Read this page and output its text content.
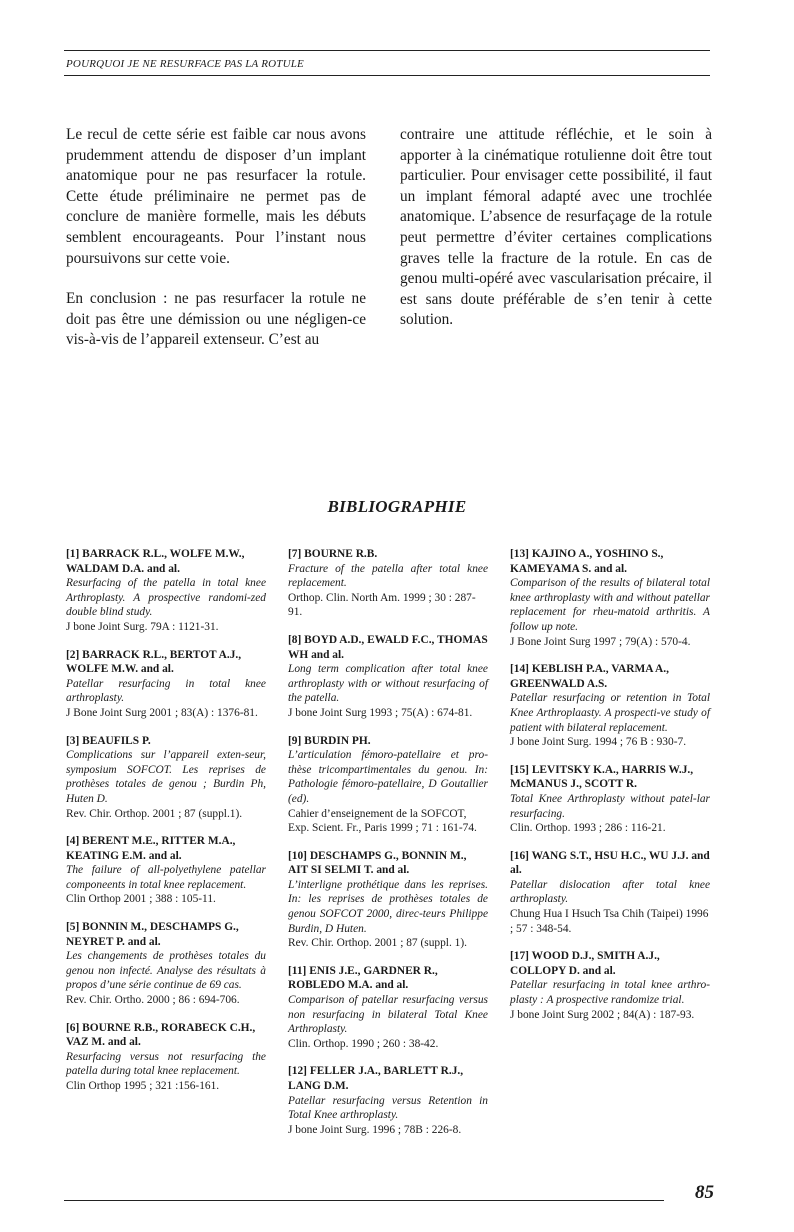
POURQUOI JE NE RESURFACE PAS LA ROTULE

Le recul de cette série est faible car nous avons prudemment attendu de disposer d’un implant anatomique pour ne pas resurfacer la rotule. Cette étude préliminaire ne permet pas de conclure de manière formelle, mais les débuts semblent encourageants. Pour l’instant nous poursuivons sur cette voie.

En conclusion : ne pas resurfacer la rotule ne doit pas être une démission ou une négligen-ce vis-à-vis de l’appareil extenseur. C’est au

contraire une attitude réfléchie, et le soin à apporter à la cinématique rotulienne doit être tout particulier. Pour envisager cette possibilité, il faut un implant fémoral adapté avec une trochlée anatomique. L’absence de resurfaçage de la rotule peut permettre d’éviter certaines complications graves telle la fracture de la rotule. En cas de genou multi-opéré avec vascularisation précaire, il est sans doute préférable de s’en tenir à cette solution.

BIBLIOGRAPHIE
[1] BARRACK R.L., WOLFE M.W., WALDAM D.A. and al.
Resurfacing of the patella in total knee Arthroplasty. A prospective randomi-zed double blind study.
J bone Joint Surg. 79A : 1121-31.
[2] BARRACK R.L., BERTOT A.J., WOLFE M.W. and al.
Patellar resurfacing in total knee arthroplasty.
J Bone Joint Surg 2001 ; 83(A) : 1376-81.
[3] BEAUFILS P.
Complications sur l’appareil exten-seur, symposium SOFCOT. Les reprises de prothèses totales de genou ; Burdin Ph, Huten D.
Rev. Chir. Orthop. 2001 ; 87 (suppl.1).
[4] BERENT M.E., RITTER M.A., KEATING E.M. and al.
The failure of all-polyethylene patellar componeents in total knee replacement.
Clin Orthop 2001 ; 388 : 105-11.
[5] BONNIN M., DESCHAMPS G., NEYRET P. and al.
Les changements de prothèses totales du genou non infecté. Analyse des résultats à propos d’une série continue de 69 cas.
Rev. Chir. Ortho. 2000 ; 86 : 694-706.
[6] BOURNE R.B., RORABECK C.H., VAZ M. and al.
Resurfacing versus not resurfacing the patella during total knee replacement.
Clin Orthop 1995 ; 321 :156-161.
[7] BOURNE R.B.
Fracture of the patella after total knee replacement.
Orthop. Clin. North Am. 1999 ; 30 : 287-91.
[8] BOYD A.D., EWALD F.C., THOMAS WH and al.
Long term complication after total knee arthroplasty with or without resurfacing of the patella.
J bone Joint Surg 1993 ; 75(A) : 674-81.
[9] BURDIN PH.
L’articulation fémoro-patellaire et pro-thèse tricompartimentales du genou. In: Pathologie fémoro-patellaire, D Goutallier (ed).
Cahier d’enseignement de la SOFCOT, Exp. Scient. Fr., Paris 1999 ; 71 : 161-74.
[10] DESCHAMPS G., BONNIN M., AIT SI SELMI T. and al.
L’interligne prothétique dans les reprises. In: les reprises de prothèses totales de genou SOFCOT 2000, direc-teurs Philippe Burdin, D Huten.
Rev. Chir. Orthop. 2001 ; 87 (suppl. 1).
[11] ENIS J.E., GARDNER R., ROBLEDO M.A. and al.
Comparison of patellar resurfacing versus non resurfacing in bilateral Total Knee Arthroplasty.
Clin. Orthop. 1990 ; 260 : 38-42.
[12] FELLER J.A., BARLETT R.J., LANG D.M.
Patellar resurfacing versus Retention in Total Knee arthroplasty.
J bone Joint Surg. 1996 ; 78B : 226-8.
[13] KAJINO A., YOSHINO S., KAMEYAMA S. and al.
Comparison of the results of bilateral total knee arthroplasty with and without patellar replacement for rheu-matoid arthritis. A follow up note.
J Bone Joint Surg 1997 ; 79(A) : 570-4.
[14] KEBLISH P.A., VARMA A., GREENWALD A.S.
Patellar resurfacing or retention in Total Knee Arthroplaasty. A prospecti-ve study of patient with bilateral replacement.
J bone Joint Surg. 1994 ; 76 B : 930-7.
[15] LEVITSKY K.A., HARRIS W.J., McMANUS J., SCOTT R.
Total Knee Arthroplasty without patel-lar resurfacing.
Clin. Orthop. 1993 ; 286 : 116-21.
[16] WANG S.T., HSU H.C., WU J.J. and al.
Patellar dislocation after total knee arthroplasty.
Chung Hua I Hsuch Tsa Chih (Taipei) 1996 ; 57 : 348-54.
[17] WOOD D.J., SMITH A.J., COLLOPY D. and al.
Patellar resurfacing in total knee arthro-plasty : A prospective randomize trial.
J bone Joint Surg 2002 ; 84(A) : 187-93.
85
